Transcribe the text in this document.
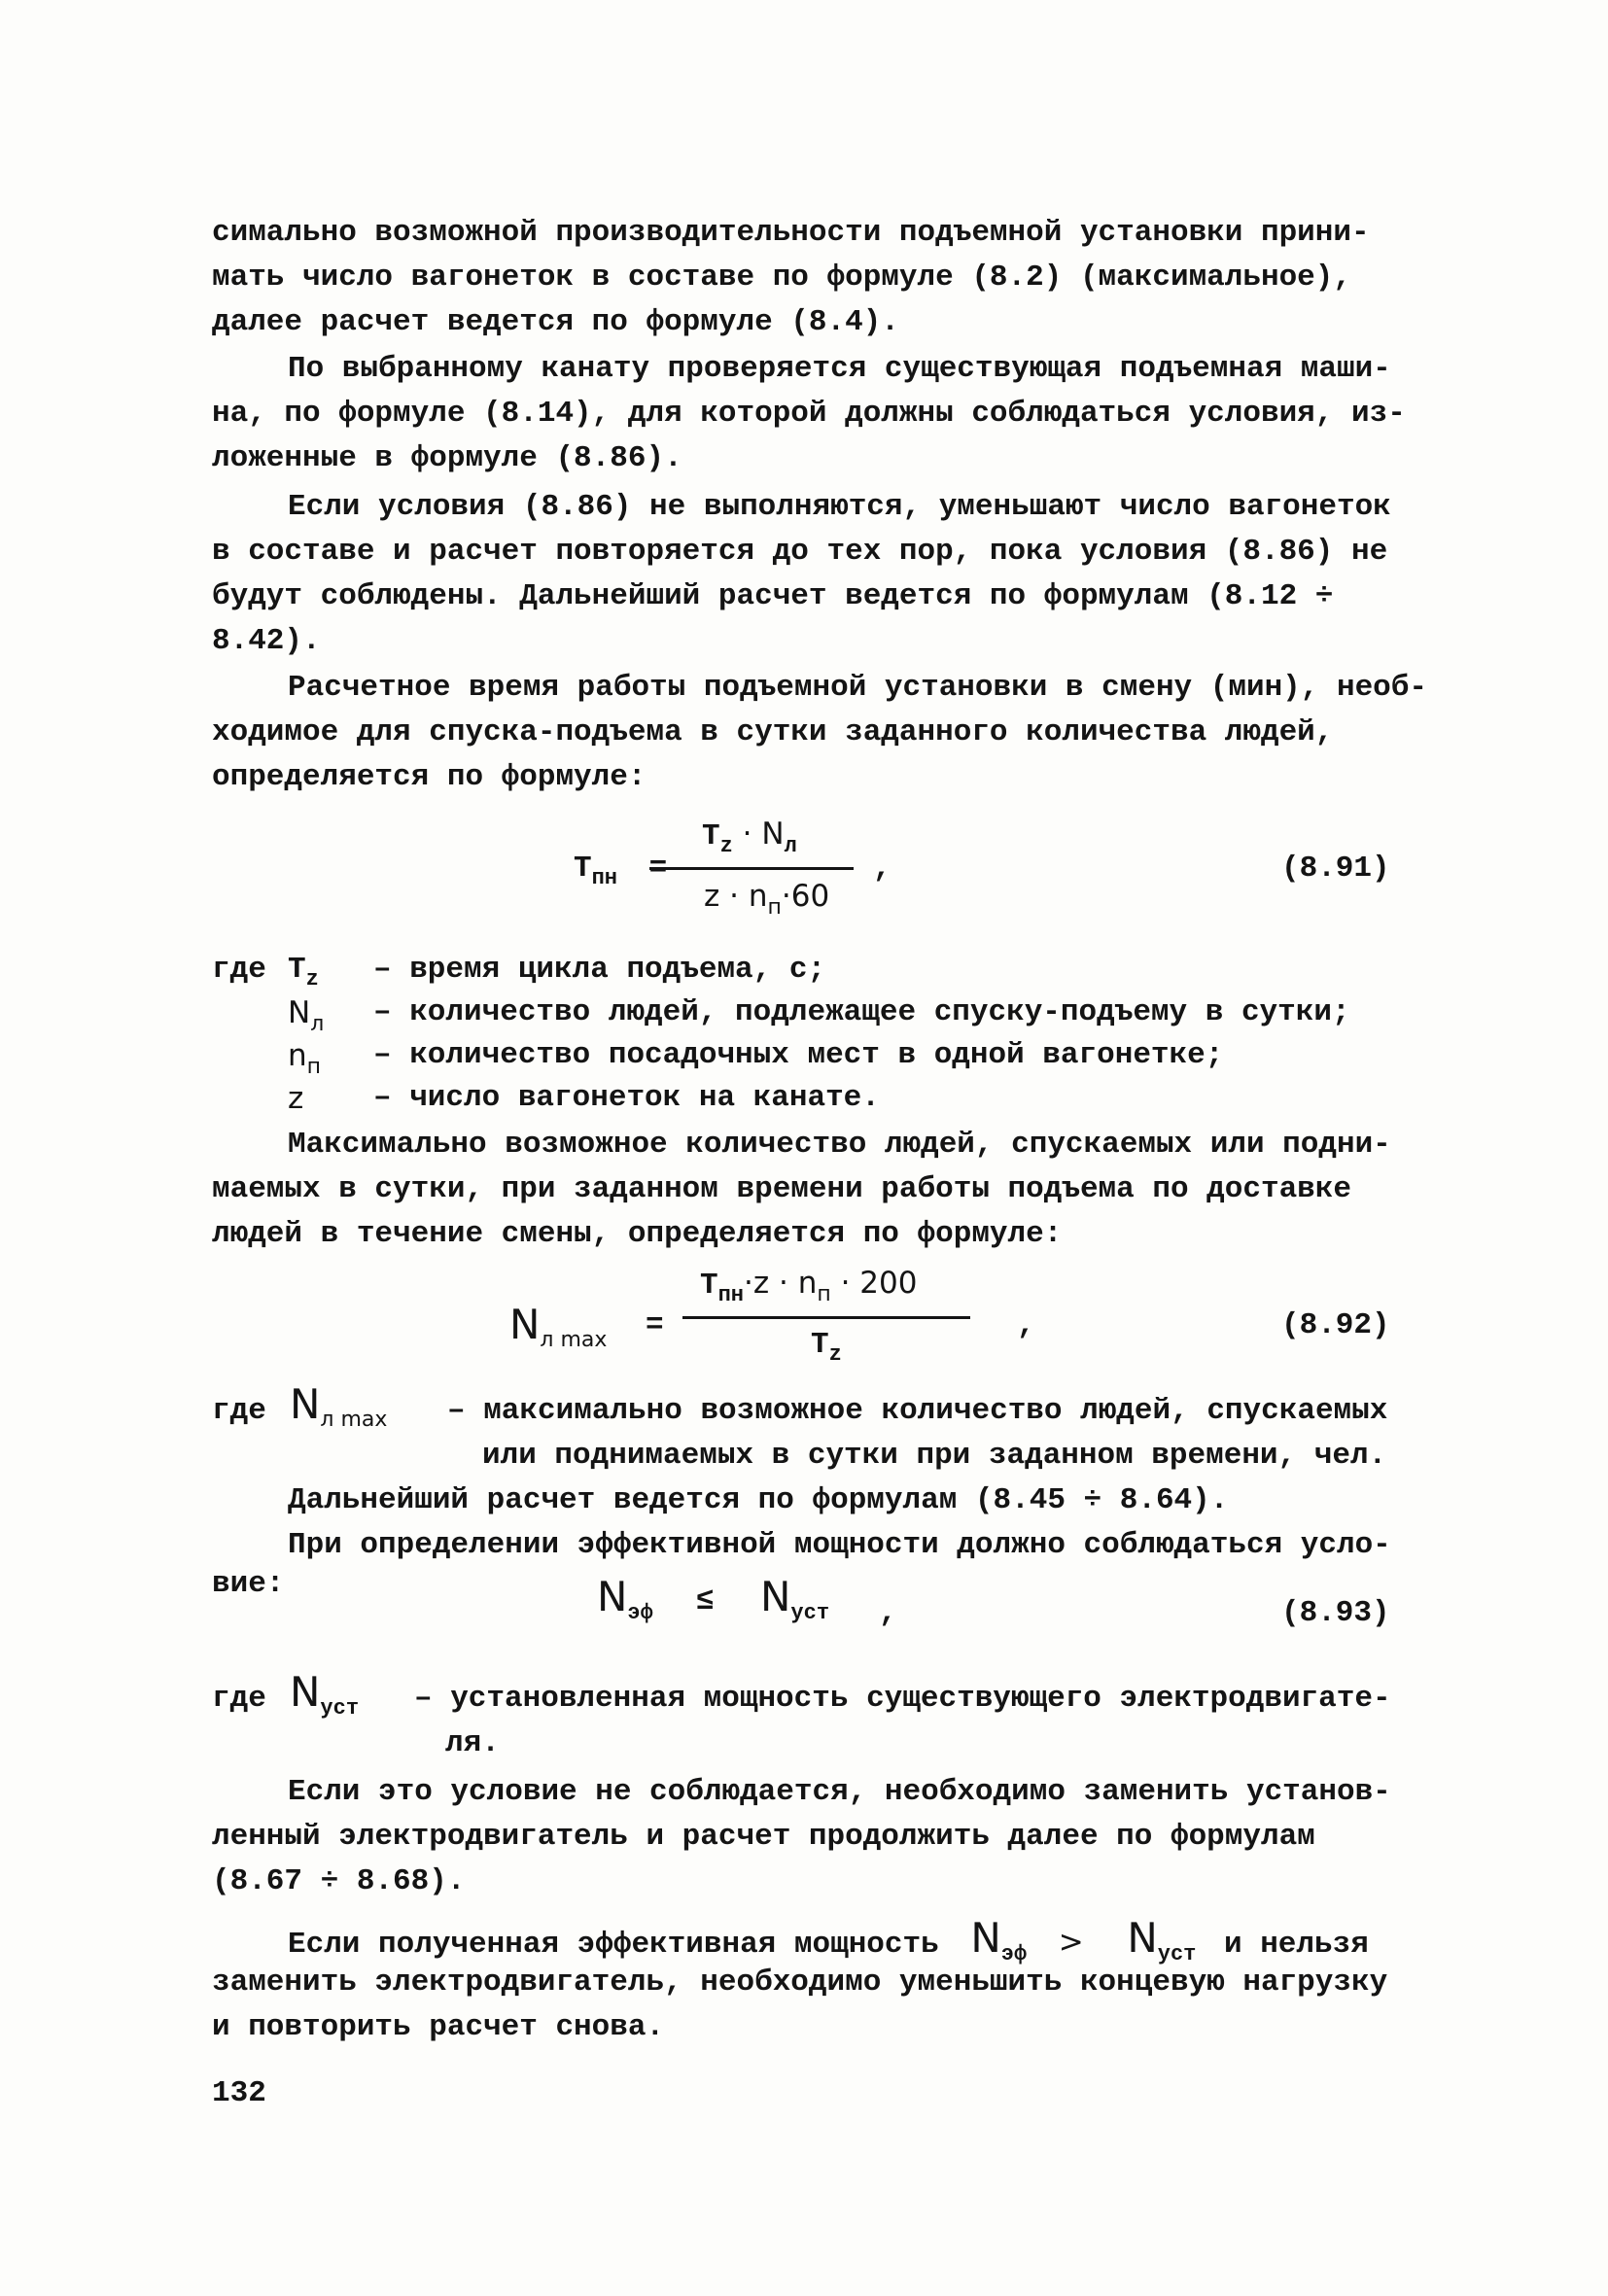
симально возможной производительности подъемной установки прини-
мать число вагонеток в составе по формуле (8.2) (максимальное),
далее расчет ведется по формуле (8.4).
По выбранному канату проверяется существующая подъемная маши-
на, по формуле (8.14), для которой должны соблюдаться условия, из-
ложенные в формуле (8.86).
Если условия (8.86) не выполняются, уменьшают число вагонеток
в составе и расчет повторяется до тех пор, пока условия (8.86) не
будут соблюдены. Дальнейший расчет ведется по формулам (8.12 ÷
8.42).
Расчетное время работы подъемной установки в смену (мин), необ-
ходимое для спуска-подъема в сутки заданного количества людей,
определяется по формуле:
$Т_{пн}$ =
$Т_z \cdot N_л$
$z \cdot n_п\cdot 60$
,	(8.91)
где $Т_z$ – время цикла подъема, с;
$N_л$ – количество людей, подлежащее спуску-подъему в сутки;
$n_п$ – количество посадочных мест в одной вагонетке;
z – число вагонеток на канате.
Максимально возможное количество людей, спускаемых или подни-
маемых в сутки, при заданном времени работы подъема по доставке
людей в течение смены, определяется по формуле:
$N_{л max}$ =
$Т_{пн}\cdot z \cdot n_п \cdot 200$
$Т_z$
,	(8.92)
где $N_{л max}$ – максимально возможное количество людей, спускаемых
или поднимаемых в сутки при заданном времени, чел.
Дальнейший расчет ведется по формулам (8.45 ÷ 8.64).
При определении эффективной мощности должно соблюдаться усло-
вие:	$N_{эф} \le N_{уст}$ ,	(8.93)
где $N_{уст}$ – установленная мощность существующего электродвигате-
ля.
Если это условие не соблюдается, необходимо заменить установ-
ленный электродвигатель и расчет продолжить далее по формулам
(8.67 ÷ 8.68).
Если полученная эффективная мощность $N_{эф} > N_{уст}$ и нельзя
заменить электродвигатель, необходимо уменьшить концевую нагрузку
и повторить расчет снова.
132
